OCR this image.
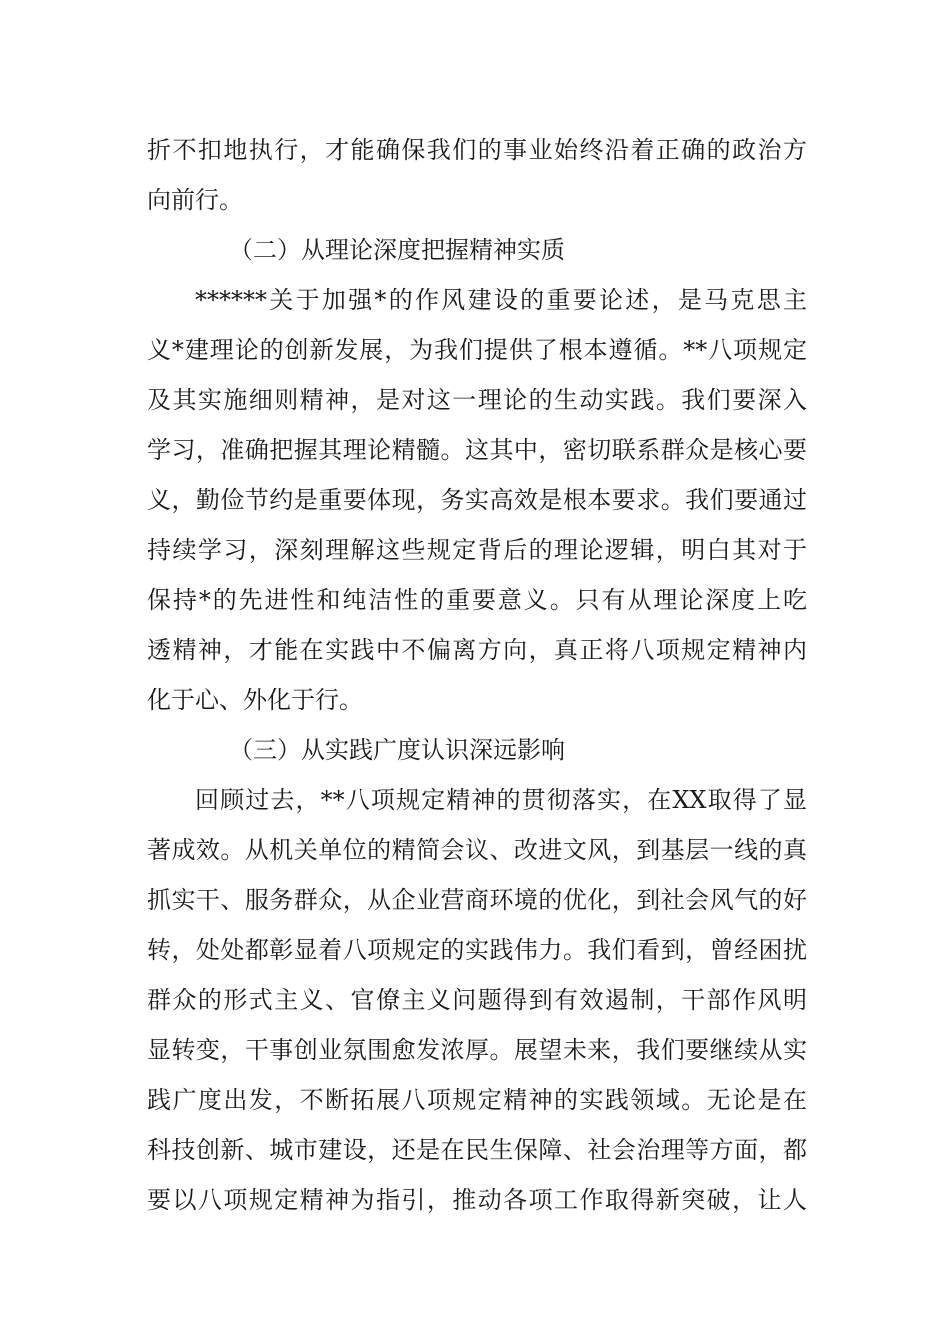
折不扣地执行，才能确保我们的事业始终沿着正确的政治方
向前行。
（二）从理论深度把握精神实质
******关于加强*的作风建设的重要论述，是马克思主
义*建理论的创新发展，为我们提供了根本遵循。**八项规定
及其实施细则精神，是对这一理论的生动实践。我们要深入
学习，准确把握其理论精髓。这其中，密切联系群众是核心要
义，勤俭节约是重要体现，务实高效是根本要求。我们要通过
持续学习，深刻理解这些规定背后的理论逻辑，明白其对于
保持*的先进性和纯洁性的重要意义。只有从理论深度上吃
透精神，才能在实践中不偏离方向，真正将八项规定精神内
化于心、外化于行。
（三）从实践广度认识深远影响
回顾过去，**八项规定精神的贯彻落实，在XX取得了显
著成效。从机关单位的精简会议、改进文风，到基层一线的真
抓实干、服务群众，从企业营商环境的优化，到社会风气的好
转，处处都彰显着八项规定的实践伟力。我们看到，曾经困扰
群众的形式主义、官僚主义问题得到有效遏制，干部作风明
显转变，干事创业氛围愈发浓厚。展望未来，我们要继续从实
践广度出发，不断拓展八项规定精神的实践领域。无论是在
科技创新、城市建设，还是在民生保障、社会治理等方面，都
要以八项规定精神为指引，推动各项工作取得新突破，让人
